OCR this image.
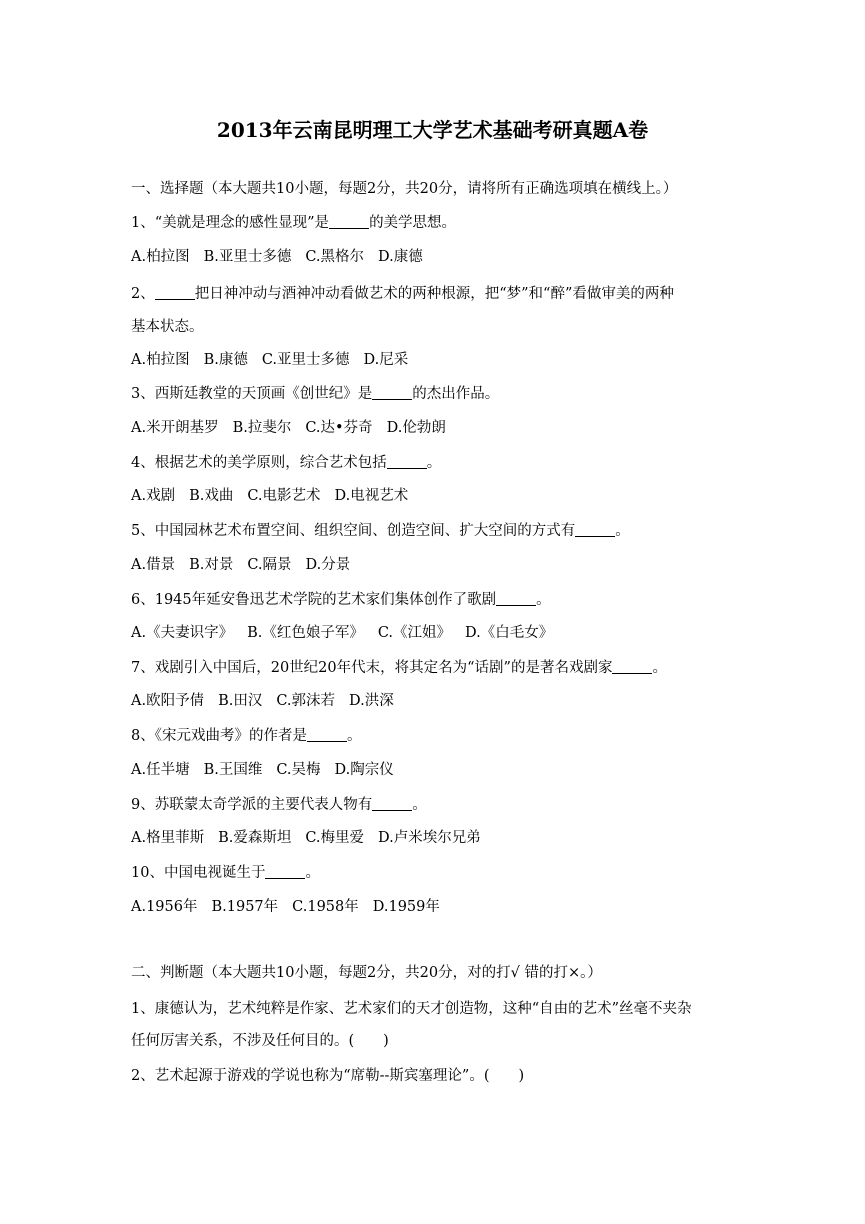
2013年云南昆明理工大学艺术基础考研真题A卷
一、选择题（本大题共10小题，每题2分，共20分，请将所有正确选项填在横线上。）
1、“美就是理念的感性显现”是	的美学思想。
A.柏拉图 B.亚里士多德 C.黑格尔 D.康德
2、	把日神冲动与酒神冲动看做艺术的两种根源，把“梦”和“醉”看做审美的两种
基本状态。
A.柏拉图 B.康德 C.亚里士多德 D.尼采
3、西斯廷教堂的天顶画《创世纪》是	的杰出作品。
A.米开朗基罗 B.拉斐尔 C.达•芬奇 D.伦勃朗
4、根据艺术的美学原则，综合艺术包括	。
A.戏剧 B.戏曲 C.电影艺术 D.电视艺术
5、中国园林艺术布置空间、组织空间、创造空间、扩大空间的方式有	。
A.借景 B.对景 C.隔景 D.分景
6、1945年延安鲁迅艺术学院的艺术家们集体创作了歌剧	。
A.《夫妻识字》 B.《红色娘子军》 C.《江姐》 D.《白毛女》
7、戏剧引入中国后，20世纪20年代末，将其定名为“话剧”的是著名戏剧家	。
A.欧阳予倩 B.田汉 C.郭沫若 D.洪深
8、《宋元戏曲考》的作者是	。
A.任半塘 B.王国维 C.吴梅 D.陶宗仪
9、苏联蒙太奇学派的主要代表人物有	。
A.格里菲斯 B.爱森斯坦 C.梅里爱 D.卢米埃尔兄弟
10、中国电视诞生于	。
A.1956年 B.1957年 C.1958年 D.1959年
二、判断题（本大题共10小题，每题2分，共20分，对的打√ 错的打×。）
1、康德认为，艺术纯粹是作家、艺术家们的天才创造物，这种“自由的艺术”丝毫不夹杂
任何厉害关系，不涉及任何目的。(　　)
2、艺术起源于游戏的学说也称为“席勒--斯宾塞理论”。(　　)
